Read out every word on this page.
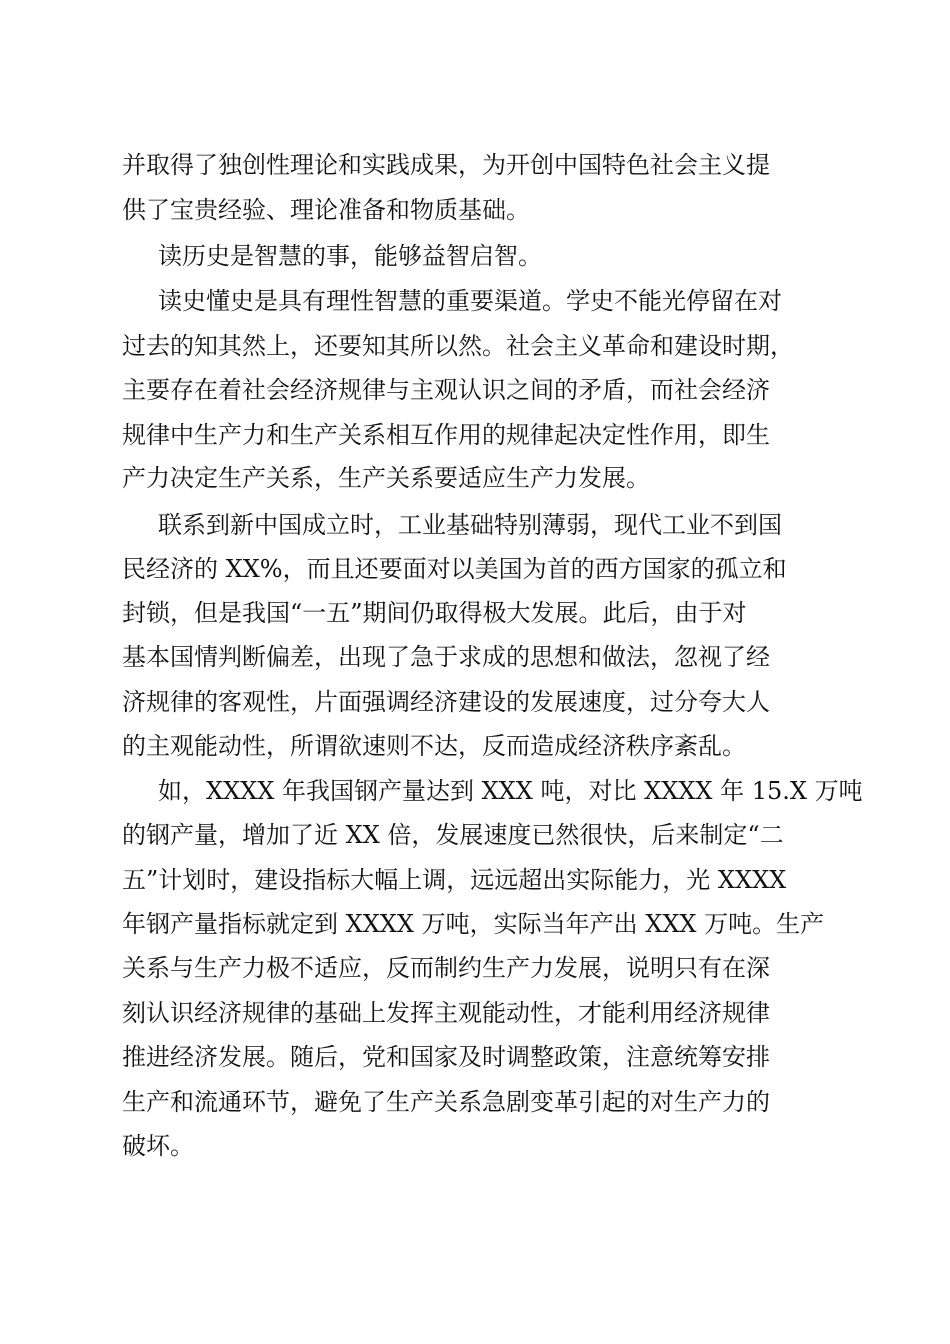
并取得了独创性理论和实践成果，为开创中国特色社会主义提
供了宝贵经验、理论准备和物质基础。
读历史是智慧的事，能够益智启智。
读史懂史是具有理性智慧的重要渠道。学史不能光停留在对
过去的知其然上，还要知其所以然。社会主义革命和建设时期，
主要存在着社会经济规律与主观认识之间的矛盾，而社会经济
规律中生产力和生产关系相互作用的规律起决定性作用，即生
产力决定生产关系，生产关系要适应生产力发展。
联系到新中国成立时，工业基础特别薄弱，现代工业不到国
民经济的 XX%，而且还要面对以美国为首的西方国家的孤立和
封锁，但是我国“一五”期间仍取得极大发展。此后，由于对
基本国情判断偏差，出现了急于求成的思想和做法，忽视了经
济规律的客观性，片面强调经济建设的发展速度，过分夸大人
的主观能动性，所谓欲速则不达，反而造成经济秩序紊乱。
如，XXXX 年我国钢产量达到 XXX 吨，对比 XXXX 年 15.X 万吨
的钢产量，增加了近 XX 倍，发展速度已然很快，后来制定“二
五”计划时，建设指标大幅上调，远远超出实际能力，光 XXXX
年钢产量指标就定到 XXXX 万吨，实际当年产出 XXX 万吨。生产
关系与生产力极不适应，反而制约生产力发展，说明只有在深
刻认识经济规律的基础上发挥主观能动性，才能利用经济规律
推进经济发展。随后，党和国家及时调整政策，注意统筹安排
生产和流通环节，避免了生产关系急剧变革引起的对生产力的
破坏。
